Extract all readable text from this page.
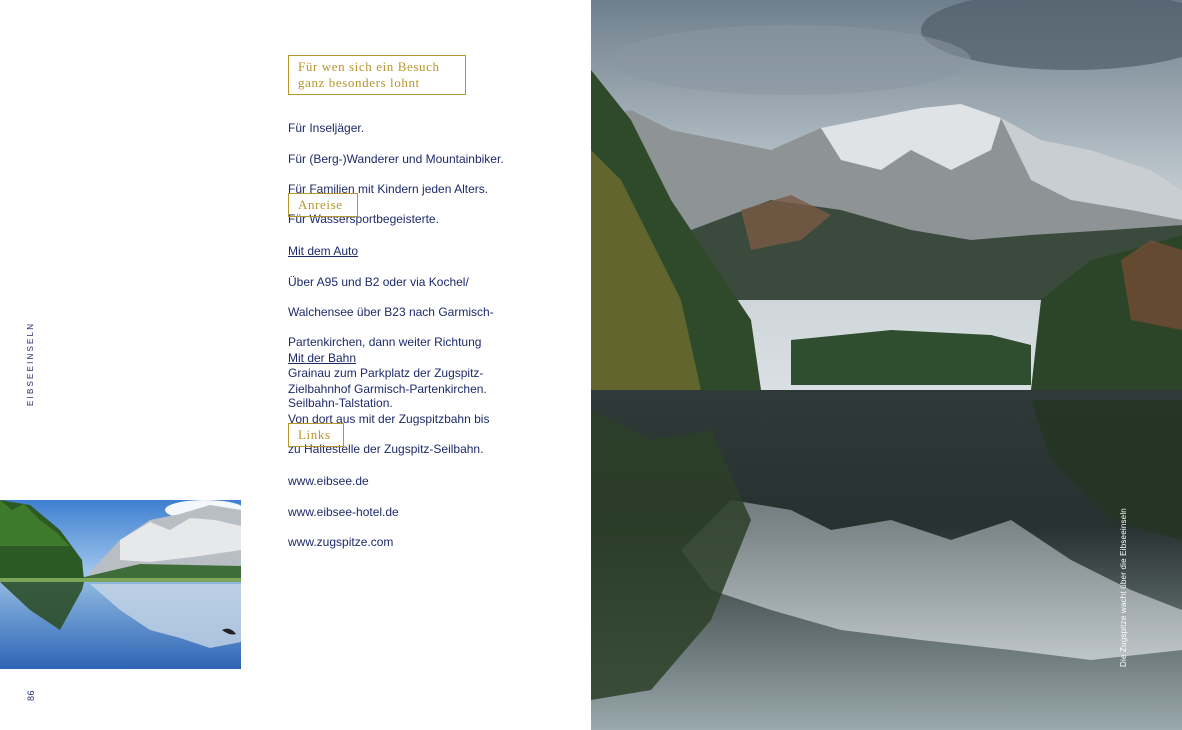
EIBSEEINSELN
Für wen sich ein Besuch
ganz besonders lohnt

Für Inseljäger.

Für (Berg-)Wanderer und Mountainbiker.

Für Familien mit Kindern jeden Alters.

Für Wassersportbegeisterte.

Anreise

Mit dem Auto

Über A95 und B2 oder via Kochel/

Walchensee über B23 nach Garmisch-

Partenkirchen, dann weiter Richtung

Grainau zum Parkplatz der Zugspitz-

Seilbahn-Talstation.

Mit der Bahn

Zielbahnhof Garmisch-Partenkirchen.

Von dort aus mit der Zugspitzbahn bis

zu Haltestelle der Zugspitz-Seilbahn.

Links

www.eibsee.de

www.eibsee-hotel.de

www.zugspitze.com

86
Die Zugspitze wacht über die Eibseeinseln
